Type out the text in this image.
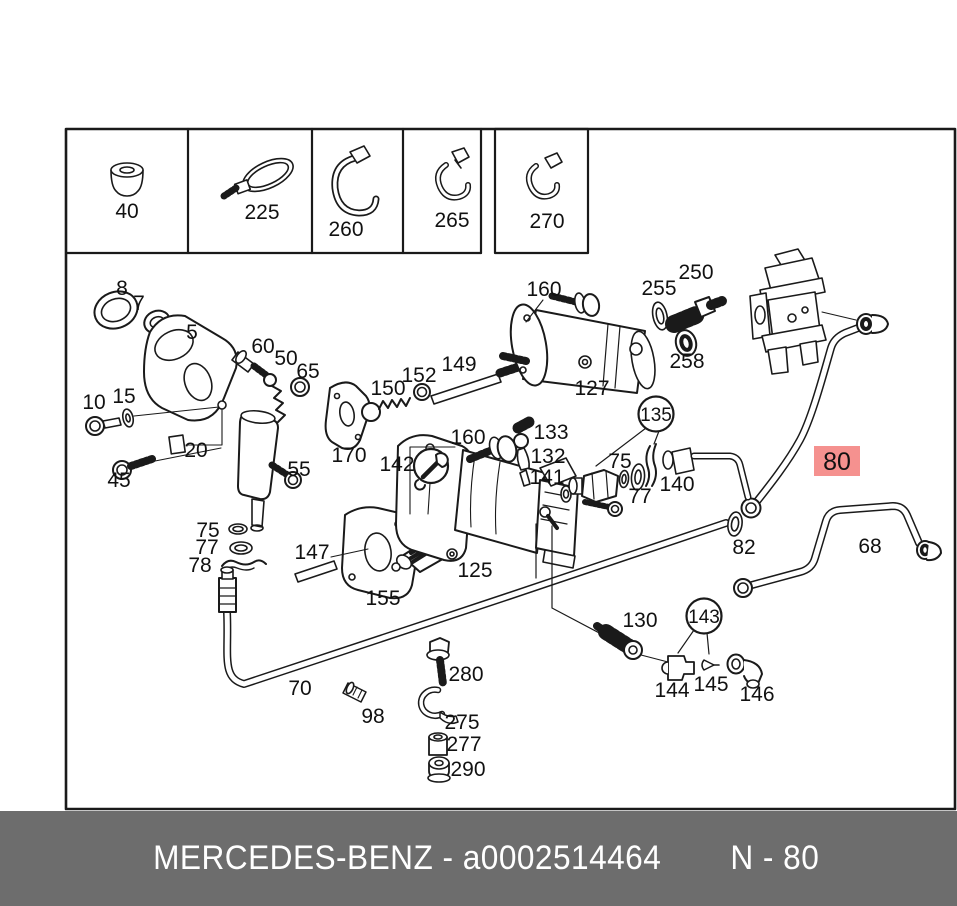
40	225
260	265	270
8
7
5
10 15
20
45
60
50
65
55
170
150
152 149
142
160 133
132
141
125
75
77
78
147
155
160
127
255
250
258
135
75
77
140
80
82	68
70
98
280
275
277
290
130 143
144 145 146
MERCEDES-BENZ - a0002514464 N - 80
